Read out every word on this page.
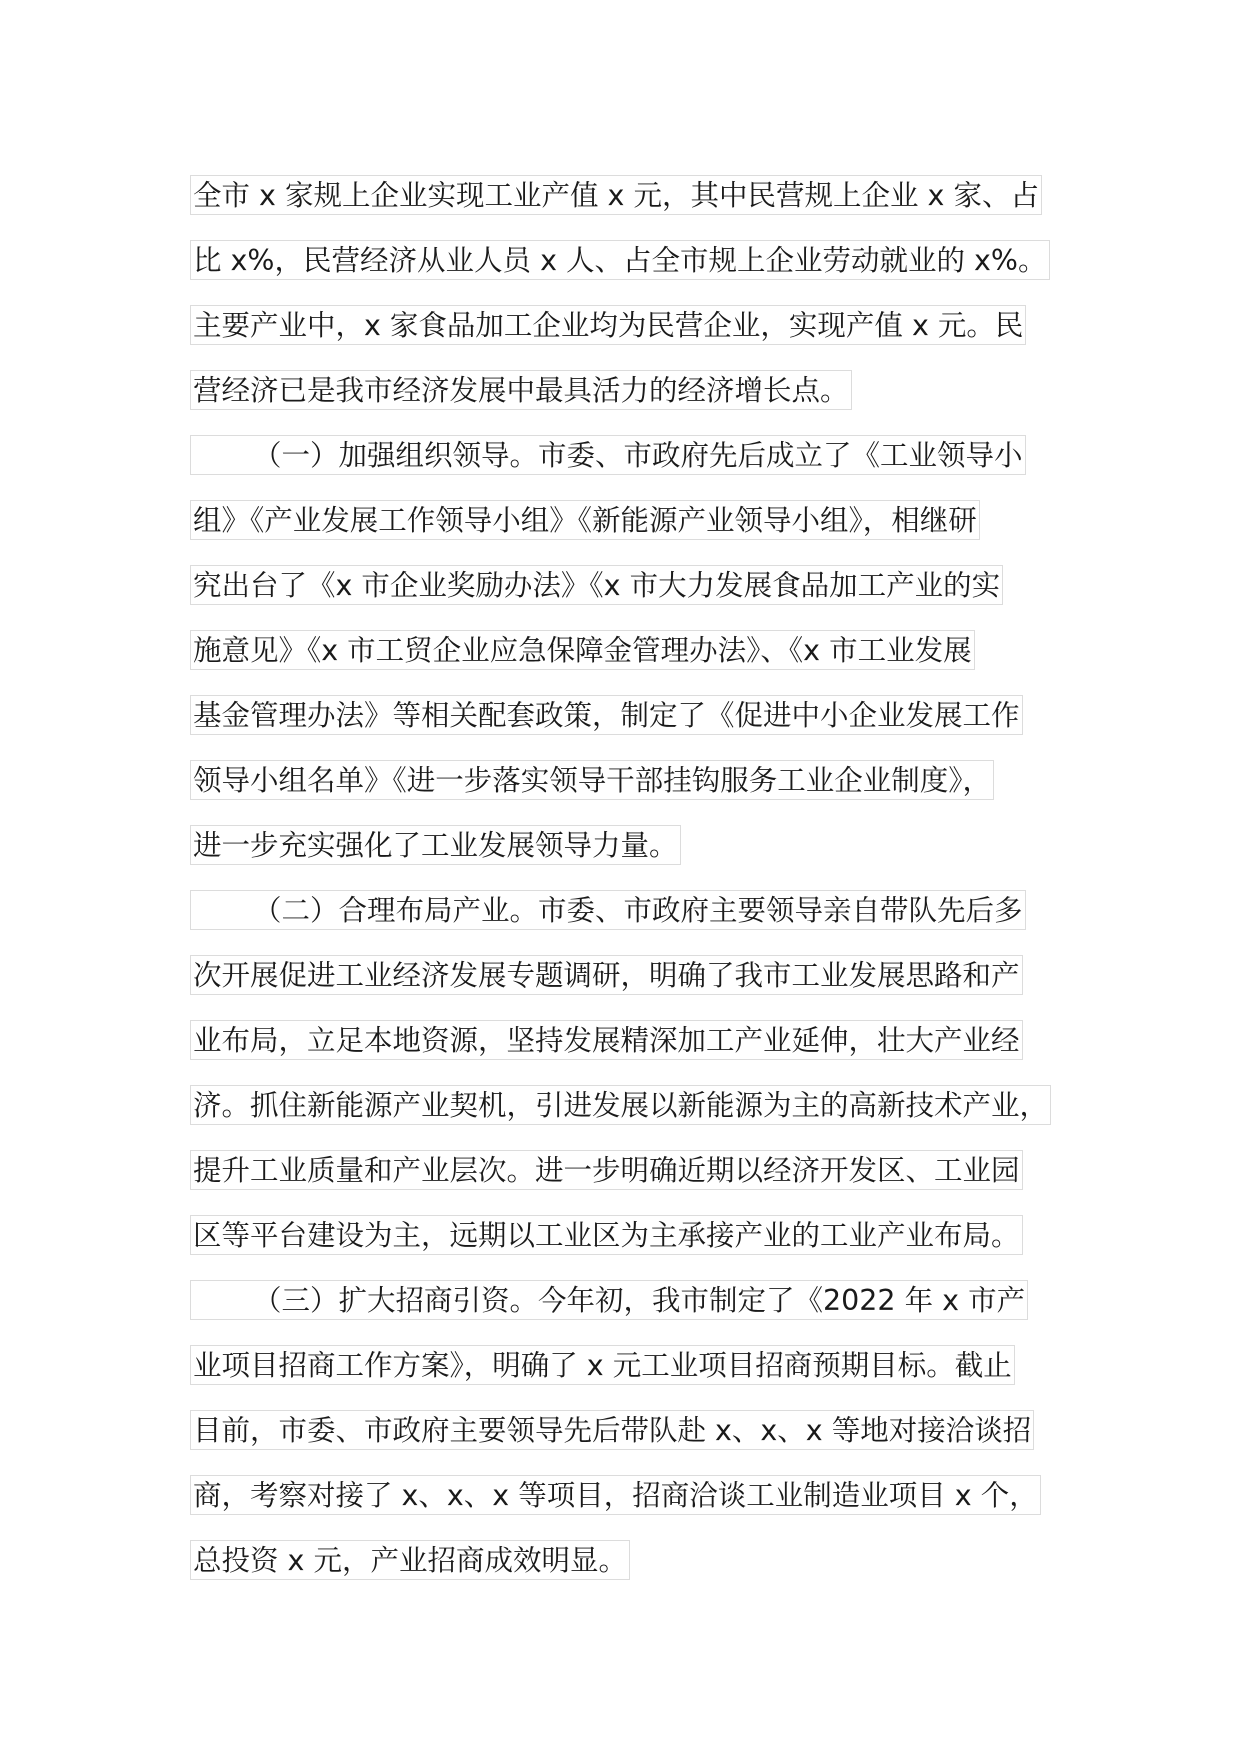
全市 x 家规上企业实现工业产值 x 元，其中民营规上企业 x 家、占
比 x%，民营经济从业人员 x 人、占全市规上企业劳动就业的 x%。
主要产业中，x 家食品加工企业均为民营企业，实现产值 x 元。民
营经济已是我市经济发展中最具活力的经济增长点。
（一）加强组织领导。市委、市政府先后成立了《工业领导小
组》《产业发展工作领导小组》《新能源产业领导小组》，相继研
究出台了《x 市企业奖励办法》《x 市大力发展食品加工产业的实
施意见》《x 市工贸企业应急保障金管理办法》、《x 市工业发展
基金管理办法》等相关配套政策，制定了《促进中小企业发展工作
领导小组名单》《进一步落实领导干部挂钩服务工业企业制度》，
进一步充实强化了工业发展领导力量。
（二）合理布局产业。市委、市政府主要领导亲自带队先后多
次开展促进工业经济发展专题调研，明确了我市工业发展思路和产
业布局，立足本地资源，坚持发展精深加工产业延伸，壮大产业经
济。抓住新能源产业契机，引进发展以新能源为主的高新技术产业，
提升工业质量和产业层次。进一步明确近期以经济开发区、工业园
区等平台建设为主，远期以工业区为主承接产业的工业产业布局。
（三）扩大招商引资。今年初，我市制定了《2022 年 x 市产
业项目招商工作方案》，明确了 x 元工业项目招商预期目标。截止
目前，市委、市政府主要领导先后带队赴 x、x、x 等地对接洽谈招
商，考察对接了 x、x、x 等项目，招商洽谈工业制造业项目 x 个，
总投资 x 元，产业招商成效明显。
